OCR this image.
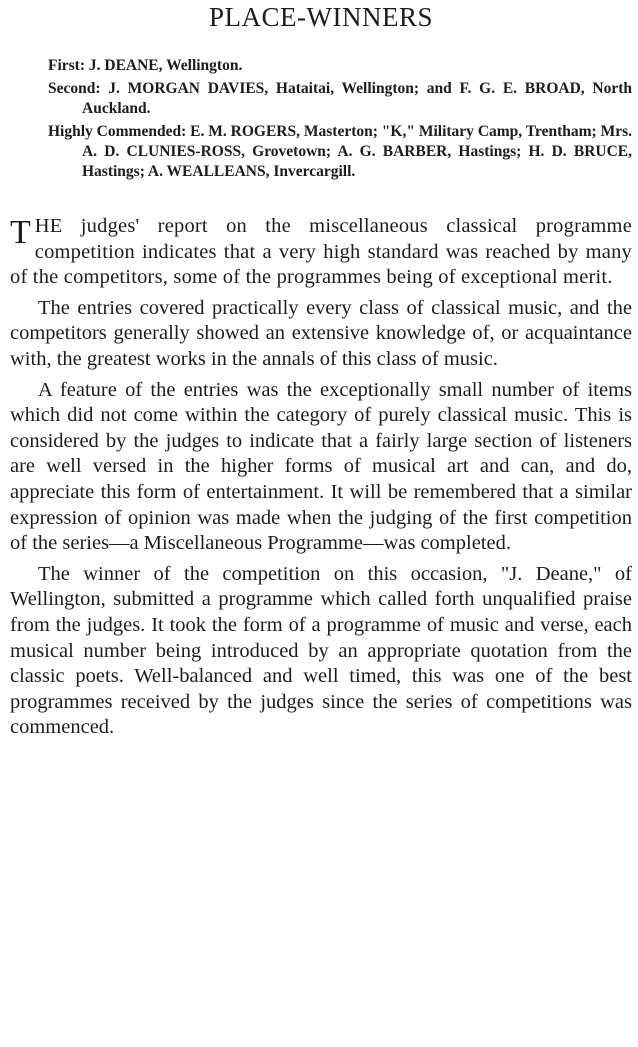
PLACE-WINNERS
First: J. DEANE, Wellington.
Second: J. MORGAN DAVIES, Hataitai, Wellington; and F. G. E. BROAD, North Auckland.
Highly Commended: E. M. ROGERS, Masterton; "K," Military Camp, Trentham; Mrs. A. D. CLUNIES-ROSS, Grovetown; A. G. BARBER, Hastings; H. D. BRUCE, Hastings; A. WEALLEANS, Invercargill.

THE judges' report on the miscellaneous classical programme competition indicates that a very high standard was reached by many of the competitors, some of the programmes being of exceptional merit.

The entries covered practically every class of classical music, and the competitors generally showed an extensive knowledge of, or acquaintance with, the greatest works in the annals of this class of music.

A feature of the entries was the exceptionally small number of items which did not come within the category of purely classical music. This is considered by the judges to indicate that a fairly large section of listeners are well versed in the higher forms of musical art and can, and do, appreciate this form of entertainment. It will be remembered that a similar expression of opinion was made when the judging of the first competition of the series—a Miscellaneous Programme—was completed.

The winner of the competition on this occasion, "J. Deane," of Wellington, submitted a programme which called forth unqualified praise from the judges. It took the form of a programme of music and verse, each musical number being introduced by an appropriate quotation from the classic poets. Well-balanced and well timed, this was one of the best programmes received by the judges since the series of competitions was commenced.
